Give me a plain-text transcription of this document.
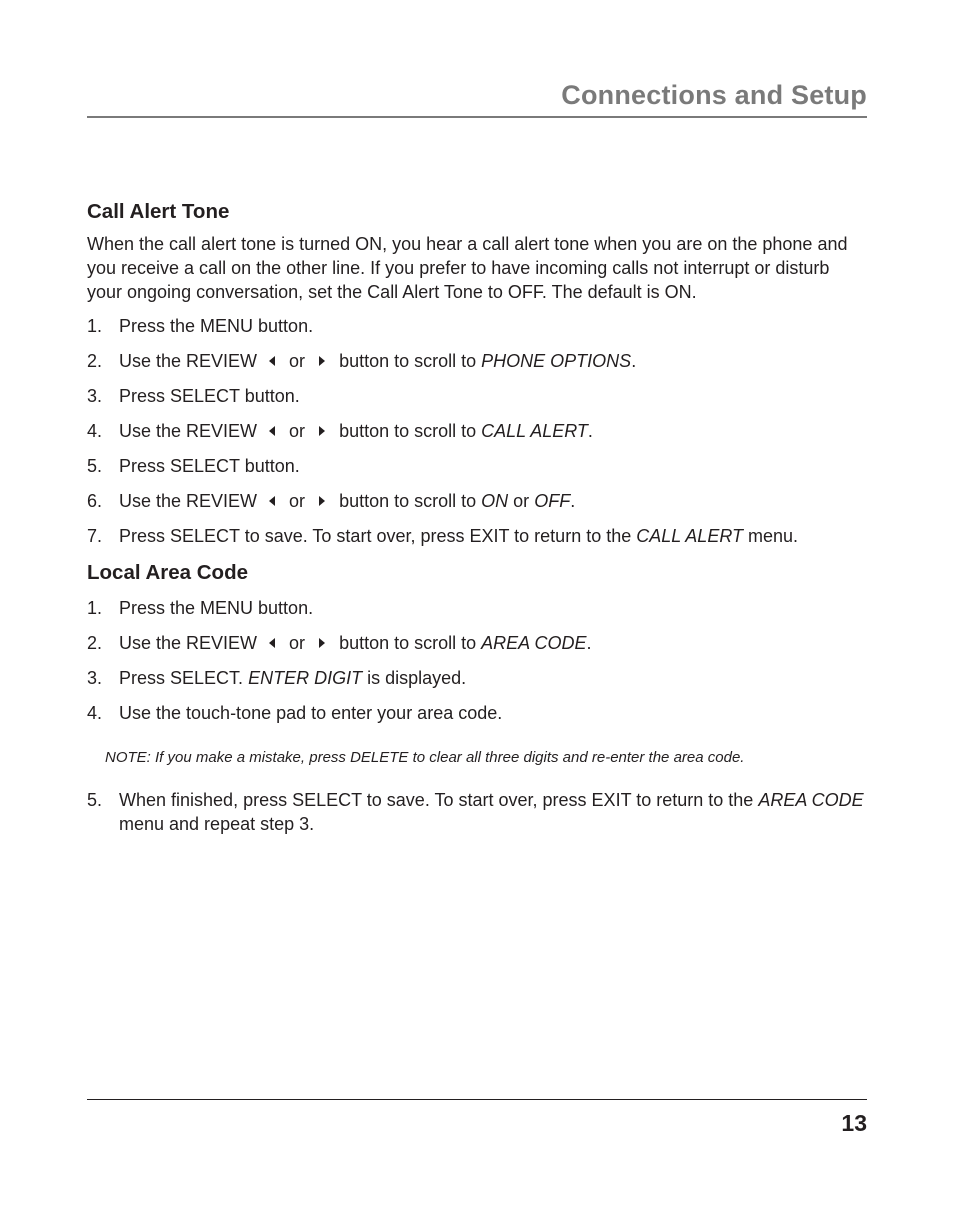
Connections and Setup
Call Alert Tone

When the call alert tone is turned ON, you hear a call alert tone when you are on the phone and you receive a call on the other line. If you prefer to have incoming calls not interrupt or disturb your ongoing conversation, set the Call Alert Tone to OFF. The default is ON.

1. Press the MENU button.
2. Use the REVIEW or button to scroll to PHONE OPTIONS.
3. Press SELECT button.
4. Use the REVIEW or button to scroll to CALL ALERT.
5. Press SELECT button.
6. Use the REVIEW or button to scroll to ON or OFF.
7. Press SELECT to save. To start over, press EXIT to return to the CALL ALERT menu.
Local Area Code
1. Press the MENU button.
2. Use the REVIEW or button to scroll to AREA CODE.
3. Press SELECT. ENTER DIGIT is displayed.
4. Use the touch-tone pad to enter your area code.

NOTE: If you make a mistake, press DELETE to clear all three digits and re-enter the area code.

5. When finished, press SELECT to save. To start over, press EXIT to return to the AREA CODE menu and repeat step 3.
13
